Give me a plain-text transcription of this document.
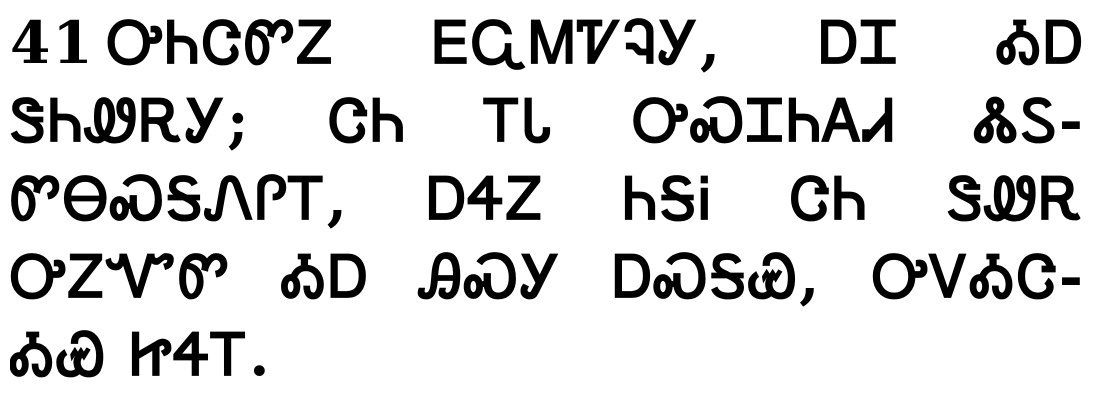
41 ᎤᏂᏣᏛᏃ ᎬᏩᎷᏤᎸᎩ, ᎠᏆ ᎣᎠ
ᏕᏂᏪᎡᎩ; ᏣᏂ ᎢᏓ ᎤᏍᏆᏂᎪᏗ ᏜᏚ-
ᏛᎾᏍᎦᏁᎵᎢ, ᎠᏎᏃ ᏂᎦᎥ ᏣᏂ ᏕᏪᎡ
ᎤᏃᏉᏛ ᎣᎠ ᎯᏍᎩ ᎠᏍᎦᏯ, ᎤᏙᎣᏣ-
ᎣᏯ ᏥᏎᎢ.
